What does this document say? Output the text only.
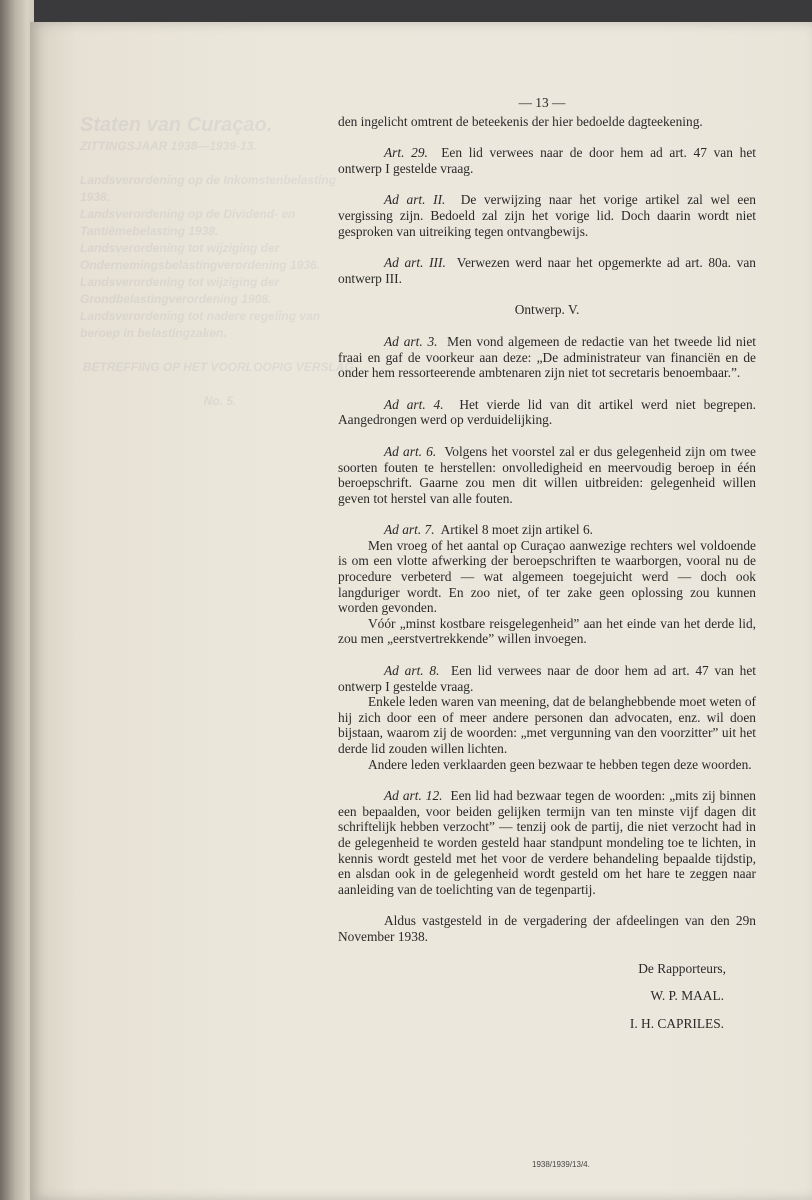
Staten van Curaçao.
ZITTINGSJAAR 1938—1939-13.

Landsverordening op de Inkomstenbelasting 1938.
Landsverordening op de Dividend- en Tantièmebelasting 1938.
Landsverordening tot wijziging der Ondernemingsbelastingverordening 1936.
Landsverordening tot wijziging der Grondbelastingverordening 1908.
Landsverordening tot nadere regeling van beroep in belastingzaken.

BETREFFING OP HET VOORLOOPIG VERSLAG.

No. 5.
— 13 —

den ingelicht omtrent de beteekenis der hier bedoelde dagteekening.

Art. 29. Een lid verwees naar de door hem ad art. 47 van het ontwerp I gestelde vraag.

Ad art. II. De verwijzing naar het vorige artikel zal wel een vergissing zijn. Bedoeld zal zijn het vorige lid. Doch daarin wordt niet gesproken van uitreiking tegen ontvangbewijs.

Ad art. III. Verwezen werd naar het opgemerkte ad art. 80a. van ontwerp III.

Ontwerp. V.

Ad art. 3. Men vond algemeen de redactie van het tweede lid niet fraai en gaf de voorkeur aan deze: „De administrateur van financiën en de onder hem ressorteerende ambtenaren zijn niet tot secretaris benoembaar.”.

Ad art. 4. Het vierde lid van dit artikel werd niet begrepen. Aangedrongen werd op verduidelijking.

Ad art. 6. Volgens het voorstel zal er dus gelegenheid zijn om twee soorten fouten te herstellen: onvolledigheid en meervoudig beroep in één beroepschrift. Gaarne zou men dit willen uitbreiden: gelegenheid willen geven tot herstel van alle fouten.

Ad art. 7. Artikel 8 moet zijn artikel 6.

Men vroeg of het aantal op Curaçao aanwezige rechters wel voldoende is om een vlotte afwerking der beroepschriften te waarborgen, vooral nu de procedure verbeterd — wat algemeen toegejuicht werd — doch ook langduriger wordt. En zoo niet, of ter zake geen oplossing zou kunnen worden gevonden.

Vóór „minst kostbare reisgelegenheid” aan het einde van het derde lid, zou men „eerstvertrekkende” willen invoegen.

Ad art. 8. Een lid verwees naar de door hem ad art. 47 van het ontwerp I gestelde vraag.

Enkele leden waren van meening, dat de belanghebbende moet weten of hij zich door een of meer andere personen dan advocaten, enz. wil doen bijstaan, waarom zij de woorden: „met vergunning van den voorzitter” uit het derde lid zouden willen lichten.

Andere leden verklaarden geen bezwaar te hebben tegen deze woorden.

Ad art. 12. Een lid had bezwaar tegen de woorden: „mits zij binnen een bepaalden, voor beiden gelijken termijn van ten minste vijf dagen dit schriftelijk hebben verzocht” — tenzij ook de partij, die niet verzocht had in de gelegenheid te worden gesteld haar standpunt mondeling toe te lichten, in kennis wordt gesteld met het voor de verdere behandeling bepaalde tijdstip, en alsdan ook in de gelegenheid wordt gesteld om het hare te zeggen naar aanleiding van de toelichting van de tegenpartij.

Aldus vastgesteld in de vergadering der afdeelingen van den 29n November 1938.

De Rapporteurs,
W. P. MAAL.
I. H. CAPRILES.
1938/1939/13/4.
